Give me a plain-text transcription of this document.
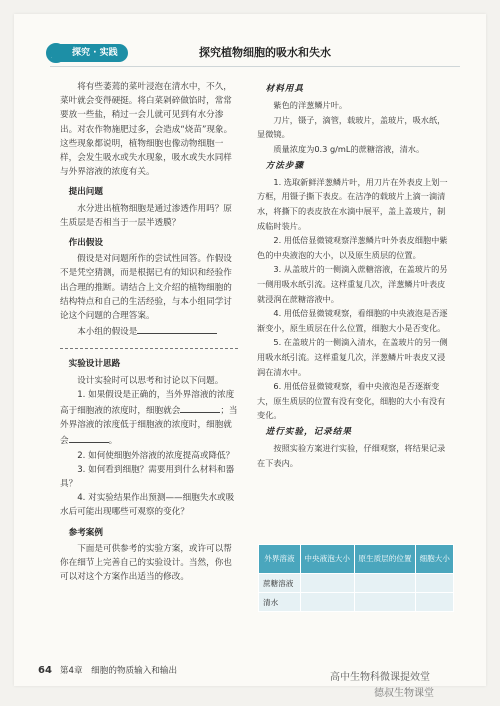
探究 · 实践	探究植物细胞的吸水和失水

将有些萎蔫的菜叶浸泡在清水中，不久，菜叶就会变得硬挺。将白菜剁碎做馅时，常常要放一些盐，稍过一会儿就可见到有水分渗出。对农作物施肥过多，会造成“烧苗”现象。这些现象都说明，植物细胞也像动物细胞一样，会发生吸水或失水现象，吸水或失水同样与外界溶液的浓度有关。

提出问题

水分进出植物细胞是通过渗透作用吗？原生质层是否相当于一层半透膜？

作出假设

假设是对问题所作的尝试性回答。作假设不是凭空猜测，而是根据已有的知识和经验作出合理的推断。请结合上文介绍的植物细胞的结构特点和自己的生活经验，与本小组同学讨论这个问题的合理答案。

本小组的假设是

实验设计思路

设计实验时可以思考和讨论以下问题。

1. 如果假设是正确的，当外界溶液的浓度高于细胞液的浓度时，细胞就会	；当外界溶液的浓度低于细胞液的浓度时，细胞就会	。

2. 如何使细胞外溶液的浓度提高或降低？

3. 如何看到细胞？需要用到什么材料和器具？

4. 对实验结果作出预测——细胞失水或吸水后可能出现哪些可观察的变化？

参考案例

下面是可供参考的实验方案，或许可以帮你在细节上完善自己的实验设计。当然，你也可以对这个方案作出适当的修改。

材料用具

紫色的洋葱鳞片叶。

刀片，镊子，滴管，载玻片，盖玻片，吸水纸，显微镜。

质量浓度为0.3 g/mL的蔗糖溶液，清水。

方法步骤

1. 选取新鲜洋葱鳞片叶，用刀片在外表皮上划一方框，用镊子撕下表皮。在洁净的载玻片上滴一滴清水，将撕下的表皮放在水滴中展平，盖上盖玻片，制成临时装片。

2. 用低倍显微镜观察洋葱鳞片叶外表皮细胞中紫色的中央液泡的大小，以及原生质层的位置。

3. 从盖玻片的一侧滴入蔗糖溶液，在盖玻片的另一侧用吸水纸引流。这样重复几次，洋葱鳞片叶表皮就浸润在蔗糖溶液中。

4. 用低倍显微镜观察，看细胞的中央液泡是否逐渐变小，原生质层在什么位置，细胞大小是否变化。

5. 在盖玻片的一侧滴入清水，在盖玻片的另一侧用吸水纸引流。这样重复几次，洋葱鳞片叶表皮又浸润在清水中。

6. 用低倍显微镜观察，看中央液泡是否逐渐变大，原生质层的位置有没有变化，细胞的大小有没有变化。

进行实验，记录结果

按照实验方案进行实验，仔细观察，将结果记录在下表内。

外界溶液	中央液泡大小	原生质层的位置	细胞大小
蔗糖溶液			
清水			
64 第4章　细胞的物质输入和输出
高中生物科微课提效堂
德叔生物课堂
